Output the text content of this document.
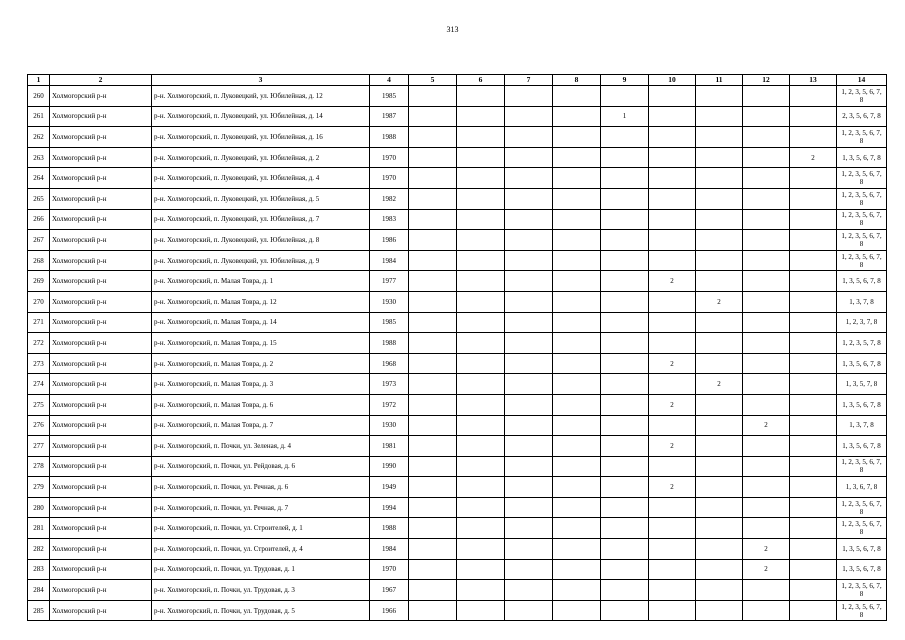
313
1	2	3	4	5	6	7	8	9	10	11	12	13	14
260	Холмогорский р-н	р-н. Холмогорский, п. Луковецкий, ул. Юбилейная, д. 12	1985										1, 2, 3, 5, 6, 7, 8
261	Холмогорский р-н	р-н. Холмогорский, п. Луковецкий, ул. Юбилейная, д. 14	1987					1					2, 3, 5, 6, 7, 8
262	Холмогорский р-н	р-н. Холмогорский, п. Луковецкий, ул. Юбилейная, д. 16	1988										1, 2, 3, 5, 6, 7, 8
263	Холмогорский р-н	р-н. Холмогорский, п. Луковецкий, ул. Юбилейная, д. 2	1970									2	1, 3, 5, 6, 7, 8
264	Холмогорский р-н	р-н. Холмогорский, п. Луковецкий, ул. Юбилейная, д. 4	1970										1, 2, 3, 5, 6, 7, 8
265	Холмогорский р-н	р-н. Холмогорский, п. Луковецкий, ул. Юбилейная, д. 5	1982										1, 2, 3, 5, 6, 7, 8
266	Холмогорский р-н	р-н. Холмогорский, п. Луковецкий, ул. Юбилейная, д. 7	1983										1, 2, 3, 5, 6, 7, 8
267	Холмогорский р-н	р-н. Холмогорский, п. Луковецкий, ул. Юбилейная, д. 8	1986										1, 2, 3, 5, 6, 7, 8
268	Холмогорский р-н	р-н. Холмогорский, п. Луковецкий, ул. Юбилейная, д. 9	1984										1, 2, 3, 5, 6, 7, 8
269	Холмогорский р-н	р-н. Холмогорский, п. Малая Товра, д. 1	1977						2				1, 3, 5, 6, 7, 8
270	Холмогорский р-н	р-н. Холмогорский, п. Малая Товра, д. 12	1930							2			1, 3, 7, 8
271	Холмогорский р-н	р-н. Холмогорский, п. Малая Товра, д. 14	1985										1, 2, 3, 7, 8
272	Холмогорский р-н	р-н. Холмогорский, п. Малая Товра, д. 15	1988										1, 2, 3, 5, 7, 8
273	Холмогорский р-н	р-н. Холмогорский, п. Малая Товра, д. 2	1968						2				1, 3, 5, 6, 7, 8
274	Холмогорский р-н	р-н. Холмогорский, п. Малая Товра, д. 3	1973							2			1, 3, 5, 7, 8
275	Холмогорский р-н	р-н. Холмогорский, п. Малая Товра, д. 6	1972						2				1, 3, 5, 6, 7, 8
276	Холмогорский р-н	р-н. Холмогорский, п. Малая Товра, д. 7	1930								2		1, 3, 7, 8
277	Холмогорский р-н	р-н. Холмогорский, п. Почки, ул. Зеленая, д. 4	1981						2				1, 3, 5, 6, 7, 8
278	Холмогорский р-н	р-н. Холмогорский, п. Почки, ул. Рейдовая, д. 6	1990										1, 2, 3, 5, 6, 7, 8
279	Холмогорский р-н	р-н. Холмогорский, п. Почки, ул. Речная, д. 6	1949						2				1, 3, 6, 7, 8
280	Холмогорский р-н	р-н. Холмогорский, п. Почки, ул. Речная, д. 7	1994										1, 2, 3, 5, 6, 7, 8
281	Холмогорский р-н	р-н. Холмогорский, п. Почки, ул. Строителей, д. 1	1988										1, 2, 3, 5, 6, 7, 8
282	Холмогорский р-н	р-н. Холмогорский, п. Почки, ул. Строителей, д. 4	1984								2		1, 3, 5, 6, 7, 8
283	Холмогорский р-н	р-н. Холмогорский, п. Почки, ул. Трудовая, д. 1	1970								2		1, 3, 5, 6, 7, 8
284	Холмогорский р-н	р-н. Холмогорский, п. Почки, ул. Трудовая, д. 3	1967										1, 2, 3, 5, 6, 7, 8
285	Холмогорский р-н	р-н. Холмогорский, п. Почки, ул. Трудовая, д. 5	1966										1, 2, 3, 5, 6, 7, 8
